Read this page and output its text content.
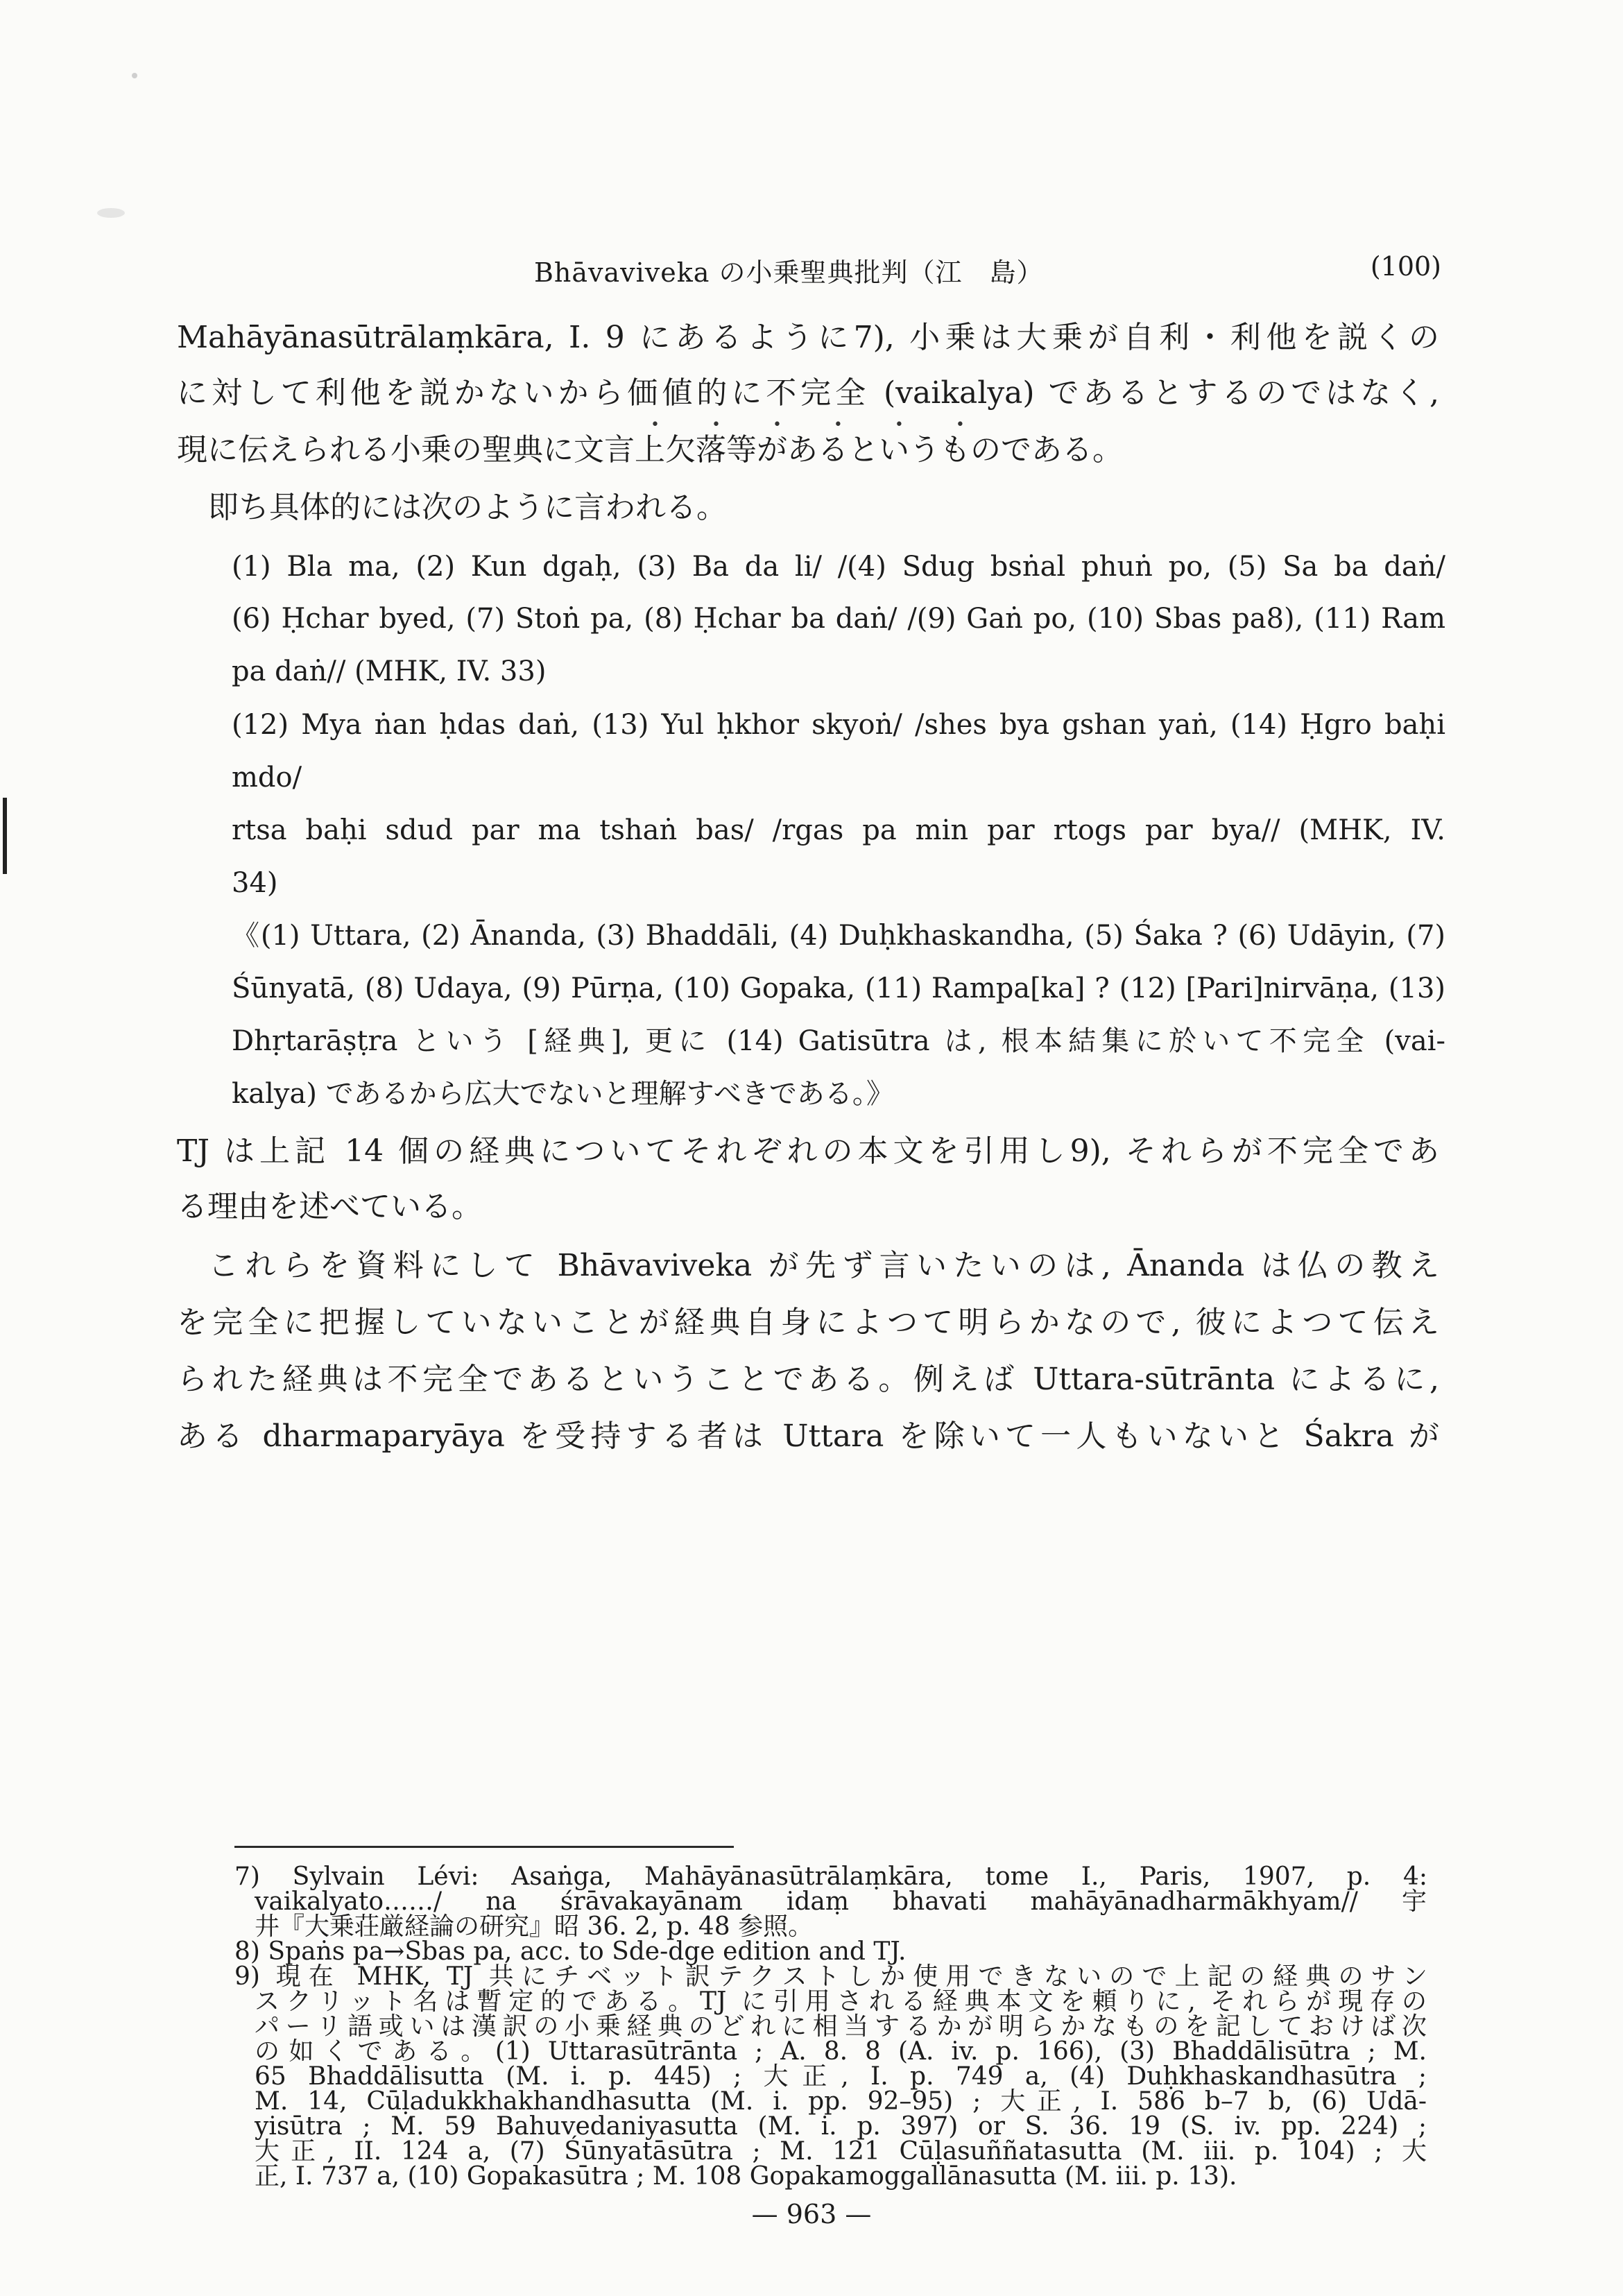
Bhāvaviveka の小乗聖典批判（江　島）	(100)
Mahāyānasūtrālaṃkāra, I. 9 にあるように7), 小乗は大乗が自利・利他を説くの
に対して利他を説かないから価値的に不完全 (vaikalya) であるとするのではなく,
• • • • • •
現に伝えられる小乗の聖典に文言上欠落等があるというものである。
即ち具体的には次のように言われる。
(1) Bla ma, (2) Kun dgaḥ, (3) Ba da li/ /(4) Sdug bsṅal phuṅ po, (5) Sa ba daṅ/
(6) Ḥchar byed, (7) Stoṅ pa, (8) Ḥchar ba daṅ/ /(9) Gaṅ po, (10) Sbas pa8), (11) Ram
pa daṅ// (MHK, IV. 33)
(12) Mya ṅan ḥdas daṅ, (13) Yul ḥkhor skyoṅ/ /shes bya gshan yaṅ, (14) Ḥgro baḥi
mdo/
rtsa baḥi sdud par ma tshaṅ bas/ /rgas pa min par rtogs par bya// (MHK, IV.
34)
《(1) Uttara, (2) Ānanda, (3) Bhaddāli, (4) Duḥkhaskandha, (5) Śaka ? (6) Udāyin, (7)
Śūnyatā, (8) Udaya, (9) Pūrṇa, (10) Gopaka, (11) Rampa[ka] ? (12) [Pari]nirvāṇa, (13)
Dhṛtarāṣṭra という [経典], 更に (14) Gatisūtra は, 根本結集に於いて不完全 (vai-
kalya) であるから広大でないと理解すべきである。》
TJ は上記 14 個の経典についてそれぞれの本文を引用し9), それらが不完全であ
る理由を述べている。
これらを資料にして Bhāvaviveka が先ず言いたいのは, Ānanda は仏の教え
を完全に把握していないことが経典自身によつて明らかなので, 彼によつて伝え
られた経典は不完全であるということである。例えば Uttara-sūtrānta によるに,
ある dharmaparyāya を受持する者は Uttara を除いて一人もいないと Śakra が
7) Sylvain Lévi: Asaṅga, Mahāyānasūtrālaṃkāra, tome I., Paris, 1907, p. 4:
vaikalyato……/ na śrāvakayānam idaṃ bhavati mahāyānadharmākhyam// 宇
井『大乗荘厳経論の研究』昭 36. 2, p. 48 参照。
8) Spaṅs pa→Sbas pa, acc. to Sde-dge edition and TJ.
9) 現在 MHK, TJ 共にチベット訳テクストしか使用できないので上記の経典のサン
スクリット名は暫定的である。TJ に引用される経典本文を頼りに, それらが現存の
パーリ語或いは漢訳の小乗経典のどれに相当するかが明らかなものを記しておけば次
の如くである。(1) Uttarasūtrānta ; A. 8. 8 (A. iv. p. 166), (3) Bhaddālisūtra ; M.
65 Bhaddālisutta (M. i. p. 445) ; 大正, I. p. 749 a, (4) Duḥkhaskandhasūtra ;
M. 14, Cūḷadukkhakhandhasutta (M. i. pp. 92–95) ; 大正, I. 586 b–7 b, (6) Udā-
yisūtra ; M. 59 Bahuvedaniyasutta (M. i. p. 397) or S. 36. 19 (S. iv. pp. 224) ;
大正, II. 124 a, (7) Śūnyatāsūtra ; M. 121 Cūḷasuññatasutta (M. iii. p. 104) ; 大
正, I. 737 a, (10) Gopakasūtra ; M. 108 Gopakamoggallānasutta (M. iii. p. 13).
— 963 —
